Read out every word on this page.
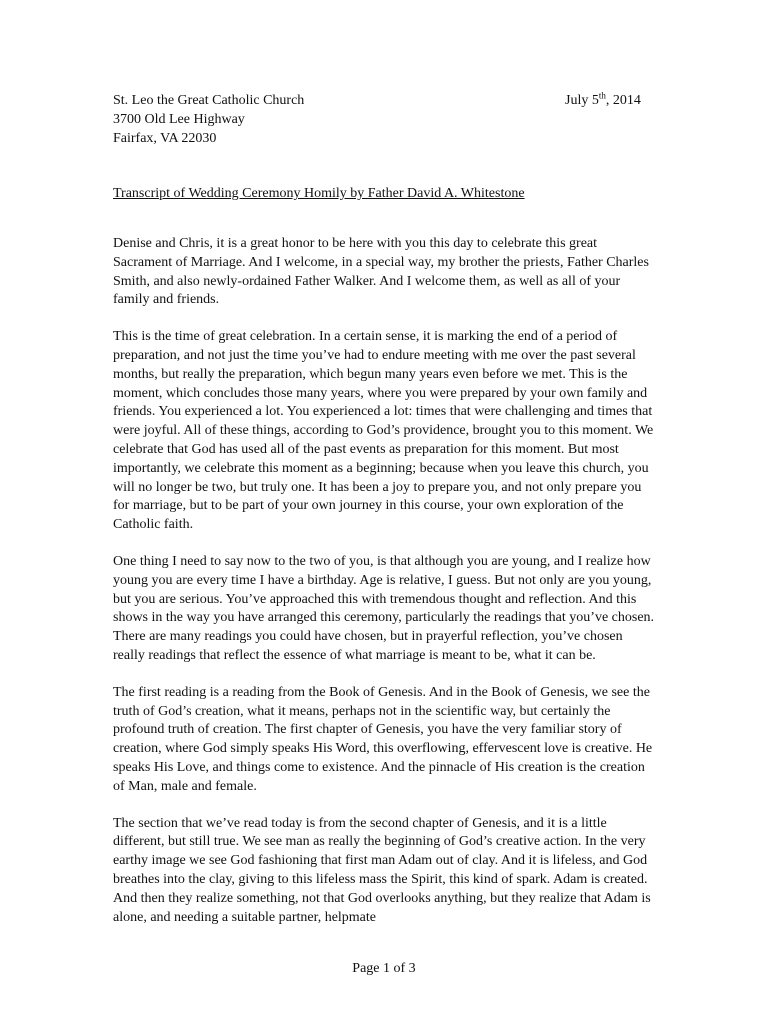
St. Leo the Great Catholic Church
3700 Old Lee Highway
Fairfax, VA 22030
July 5th, 2014
Transcript of Wedding Ceremony Homily by Father David A. Whitestone

Denise and Chris, it is a great honor to be here with you this day to celebrate this great Sacrament of Marriage. And I welcome, in a special way, my brother the priests, Father Charles Smith, and also newly-ordained Father Walker. And I welcome them, as well as all of your family and friends.

This is the time of great celebration. In a certain sense, it is marking the end of a period of preparation, and not just the time you’ve had to endure meeting with me over the past several months, but really the preparation, which begun many years even before we met. This is the moment, which concludes those many years, where you were prepared by your own family and friends. You experienced a lot. You experienced a lot: times that were challenging and times that were joyful. All of these things, according to God’s providence, brought you to this moment. We celebrate that God has used all of the past events as preparation for this moment. But most importantly, we celebrate this moment as a beginning; because when you leave this church, you will no longer be two, but truly one. It has been a joy to prepare you, and not only prepare you for marriage, but to be part of your own journey in this course, your own exploration of the Catholic faith.

One thing I need to say now to the two of you, is that although you are young, and I realize how young you are every time I have a birthday. Age is relative, I guess. But not only are you young, but you are serious. You’ve approached this with tremendous thought and reflection. And this shows in the way you have arranged this ceremony, particularly the readings that you’ve chosen. There are many readings you could have chosen, but in prayerful reflection, you’ve chosen really readings that reflect the essence of what marriage is meant to be, what it can be.

The first reading is a reading from the Book of Genesis. And in the Book of Genesis, we see the truth of God’s creation, what it means, perhaps not in the scientific way, but certainly the profound truth of creation. The first chapter of Genesis, you have the very familiar story of creation, where God simply speaks His Word, this overflowing, effervescent love is creative. He speaks His Love, and things come to existence. And the pinnacle of His creation is the creation of Man, male and female.

The section that we’ve read today is from the second chapter of Genesis, and it is a little different, but still true. We see man as really the beginning of God’s creative action. In the very earthy image we see God fashioning that first man Adam out of clay. And it is lifeless, and God breathes into the clay, giving to this lifeless mass the Spirit, this kind of spark. Adam is created. And then they realize something, not that God overlooks anything, but they realize that Adam is alone, and needing a suitable partner, helpmate

Page 1 of 3
